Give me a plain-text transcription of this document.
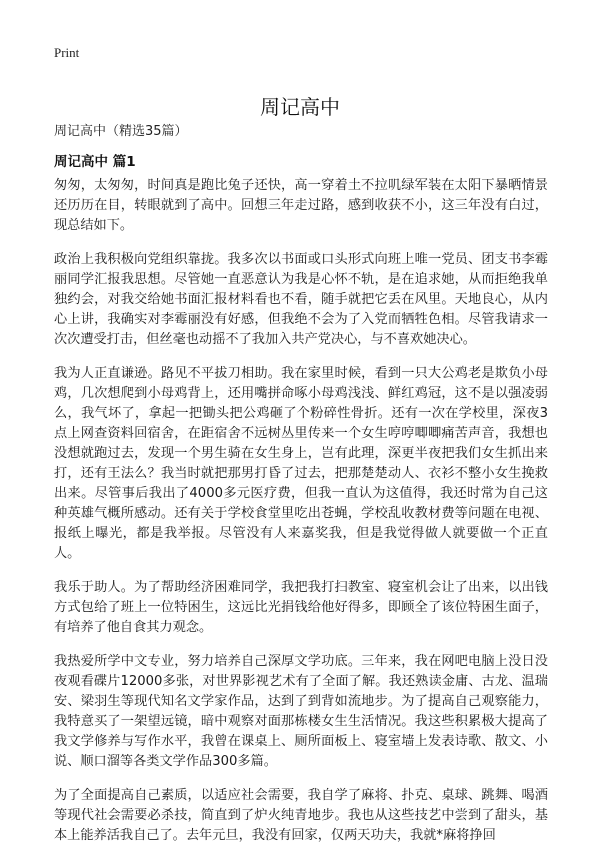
Print
周记高中
周记高中（精选35篇）
周记高中 篇1

匆匆，太匆匆，时间真是跑比兔子还快，高一穿着土不拉叽绿军装在太阳下暴晒情景还历历在目，转眼就到了高中。回想三年走过路，感到收获不小，这三年没有白过，现总结如下。

政治上我积极向党组织靠拢。我多次以书面或口头形式向班上唯一党员、团支书李霉丽同学汇报我思想。尽管她一直恶意认为我是心怀不轨，是在追求她，从而拒绝我单独约会，对我交给她书面汇报材料看也不看，随手就把它丢在风里。天地良心，从内心上讲，我确实对李霉丽没有好感，但我绝不会为了入党而牺牲色相。尽管我请求一次次遭受打击，但丝毫也动摇不了我加入共产党决心，与不喜欢她决心。

我为人正直谦逊。路见不平拔刀相助。我在家里时候，看到一只大公鸡老是欺负小母鸡，几次想爬到小母鸡背上，还用嘴拼命啄小母鸡浅浅、鲜红鸡冠，这不是以强凌弱么，我气坏了，拿起一把锄头把公鸡砸了个粉碎性骨折。还有一次在学校里，深夜3点上网查资料回宿舍，在距宿舍不远树丛里传来一个女生哼哼唧唧痛苦声音，我想也没想就跑过去，发现一个男生骑在女生身上，岂有此理，深更半夜把我们女生抓出来打，还有王法么？我当时就把那男打昏了过去，把那楚楚动人、衣衫不整小女生挽救出来。尽管事后我出了4000多元医疗费，但我一直认为这值得，我还时常为自己这种英雄气概所感动。还有关于学校食堂里吃出苍蝇，学校乱收教材费等问题在电视、报纸上曝光，都是我举报。尽管没有人来嘉奖我，但是我觉得做人就要做一个正直人。

我乐于助人。为了帮助经济困难同学，我把我打扫教室、寝室机会让了出来，以出钱方式包给了班上一位特困生，这远比光捐钱给他好得多，即顾全了该位特困生面子，有培养了他自食其力观念。

我热爱所学中文专业，努力培养自己深厚文学功底。三年来，我在网吧电脑上没日没夜观看碟片12000多张，对世界影视艺术有了全面了解。我还熟读金庸、古龙、温瑞安、梁羽生等现代知名文学家作品，达到了到背如流地步。为了提高自己观察能力，我特意买了一架望远镜，暗中观察对面那栋楼女生生活情况。我这些积累极大提高了我文学修养与写作水平，我曾在课桌上、厕所面板上、寝室墙上发表诗歌、散文、小说、顺口溜等各类文学作品300多篇。

为了全面提高自己素质，以适应社会需要，我自学了麻将、扑克、桌球、跳舞、喝酒等现代社会需要必杀技，简直到了炉火纯青地步。我也从这些技艺中尝到了甜头，基本上能养活我自己了。去年元旦，我没有回家，仅两天功夫，我就*麻将挣回
